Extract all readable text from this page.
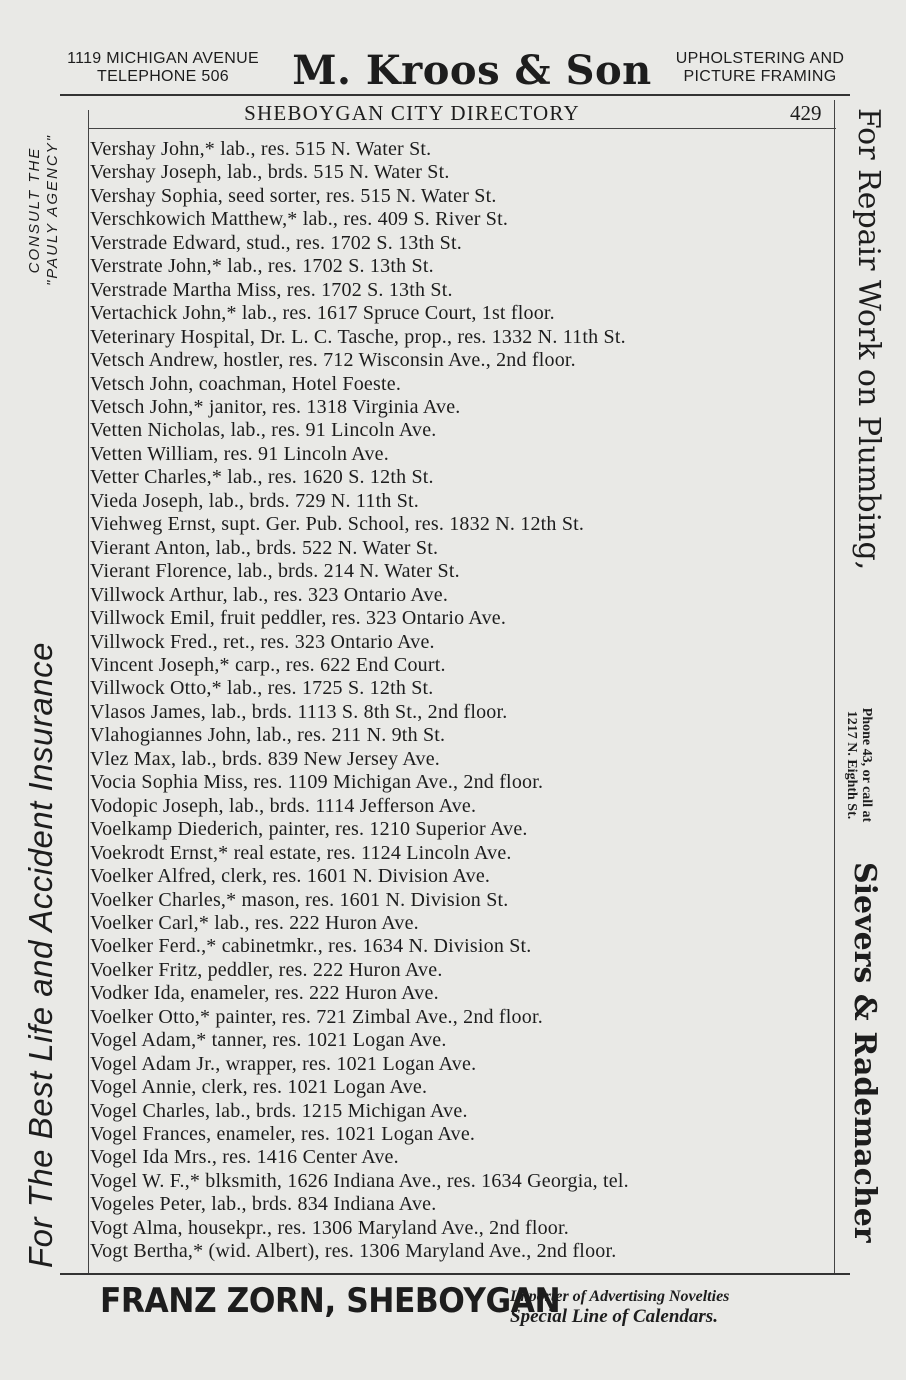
1119 MICHIGAN AVENUE
TELEPHONE 506	M. Kroos & Son	UPHOLSTERING AND
PICTURE FRAMING
SHEBOYGAN CITY DIRECTORY	429
CONSULT THE "PAULY AGENCY"
For The Best Life and Accident Insurance
For Repair Work on Plumbing,
Phone 43, or call at
1217 N. Eighth St.
Sievers & Rademacher
Vershay John,* lab., res. 515 N. Water St.
Vershay Joseph, lab., brds. 515 N. Water St.
Vershay Sophia, seed sorter, res. 515 N. Water St.
Verschkowich Matthew,* lab., res. 409 S. River St.
Verstrade Edward, stud., res. 1702 S. 13th St.
Verstrate John,* lab., res. 1702 S. 13th St.
Verstrade Martha Miss, res. 1702 S. 13th St.
Vertachick John,* lab., res. 1617 Spruce Court, 1st floor.
Veterinary Hospital, Dr. L. C. Tasche, prop., res. 1332 N. 11th St.
Vetsch Andrew, hostler, res. 712 Wisconsin Ave., 2nd floor.
Vetsch John, coachman, Hotel Foeste.
Vetsch John,* janitor, res. 1318 Virginia Ave.
Vetten Nicholas, lab., res. 91 Lincoln Ave.
Vetten William, res. 91 Lincoln Ave.
Vetter Charles,* lab., res. 1620 S. 12th St.
Vieda Joseph, lab., brds. 729 N. 11th St.
Viehweg Ernst, supt. Ger. Pub. School, res. 1832 N. 12th St.
Vierant Anton, lab., brds. 522 N. Water St.
Vierant Florence, lab., brds. 214 N. Water St.
Villwock Arthur, lab., res. 323 Ontario Ave.
Villwock Emil, fruit peddler, res. 323 Ontario Ave.
Villwock Fred., ret., res. 323 Ontario Ave.
Vincent Joseph,* carp., res. 622 End Court.
Villwock Otto,* lab., res. 1725 S. 12th St.
Vlasos James, lab., brds. 1113 S. 8th St., 2nd floor.
Vlahogiannes John, lab., res. 211 N. 9th St.
Vlez Max, lab., brds. 839 New Jersey Ave.
Vocia Sophia Miss, res. 1109 Michigan Ave., 2nd floor.
Vodopic Joseph, lab., brds. 1114 Jefferson Ave.
Voelkamp Diederich, painter, res. 1210 Superior Ave.
Voekrodt Ernst,* real estate, res. 1124 Lincoln Ave.
Voelker Alfred, clerk, res. 1601 N. Division Ave.
Voelker Charles,* mason, res. 1601 N. Division St.
Voelker Carl,* lab., res. 222 Huron Ave.
Voelker Ferd.,* cabinetmkr., res. 1634 N. Division St.
Voelker Fritz, peddler, res. 222 Huron Ave.
Vodker Ida, enameler, res. 222 Huron Ave.
Voelker Otto,* painter, res. 721 Zimbal Ave., 2nd floor.
Vogel Adam,* tanner, res. 1021 Logan Ave.
Vogel Adam Jr., wrapper, res. 1021 Logan Ave.
Vogel Annie, clerk, res. 1021 Logan Ave.
Vogel Charles, lab., brds. 1215 Michigan Ave.
Vogel Frances, enameler, res. 1021 Logan Ave.
Vogel Ida Mrs., res. 1416 Center Ave.
Vogel W. F.,* blksmith, 1626 Indiana Ave., res. 1634 Georgia, tel.
Vogeles Peter, lab., brds. 834 Indiana Ave.
Vogt Alma, housekpr., res. 1306 Maryland Ave., 2nd floor.
Vogt Bertha,* (wid. Albert), res. 1306 Maryland Ave., 2nd floor.
FRANZ ZORN, SHEBOYGAN
Importer of Advertising Novelties
Special Line of Calendars.
